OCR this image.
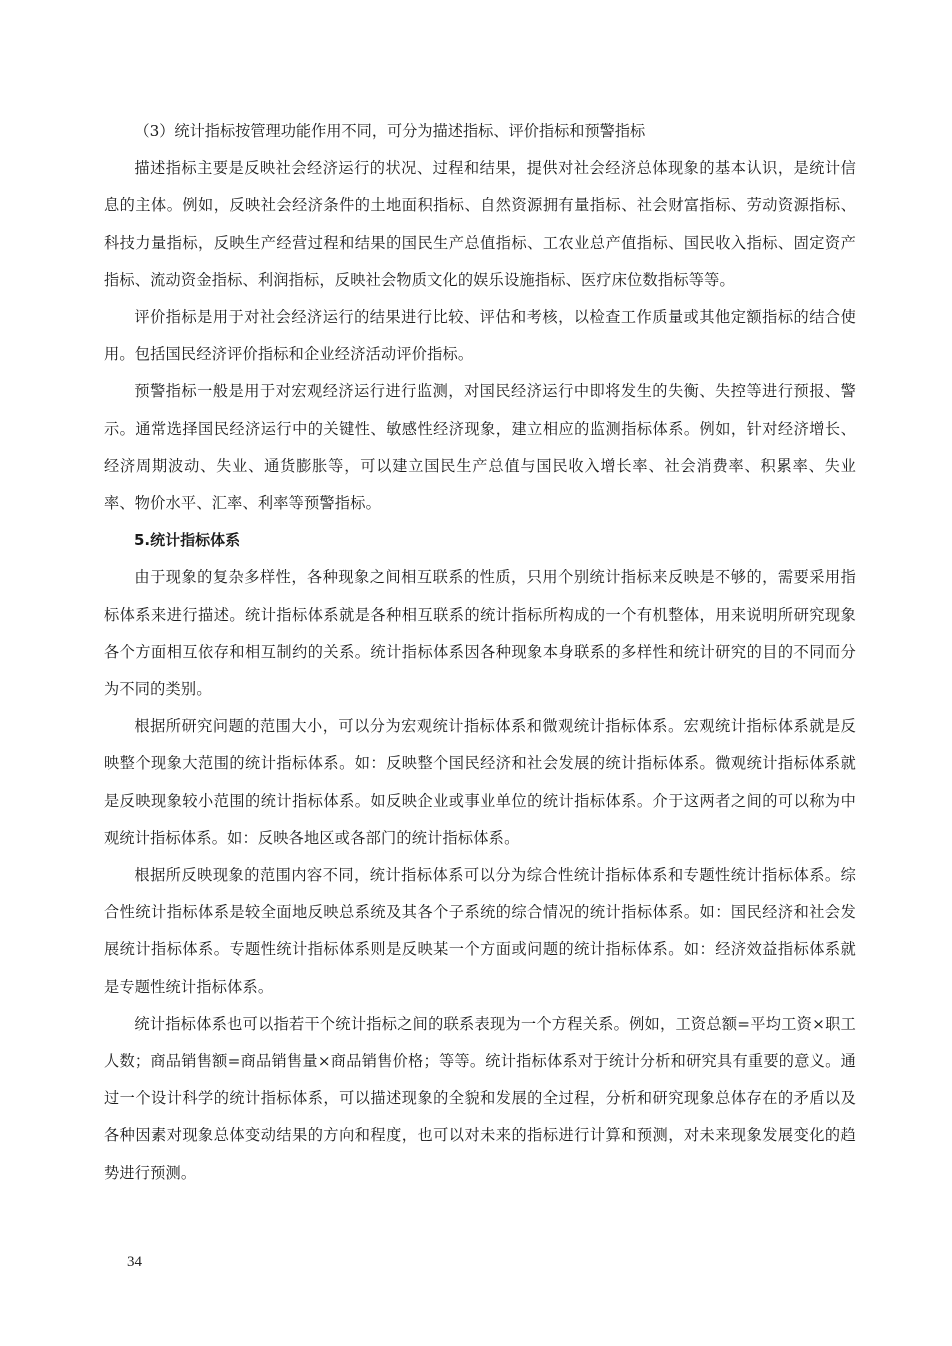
（3）统计指标按管理功能作用不同，可分为描述指标、评价指标和预警指标

描述指标主要是反映社会经济运行的状况、过程和结果，提供对社会经济总体现象的基本认识，是统计信息的主体。例如，反映社会经济条件的土地面积指标、自然资源拥有量指标、社会财富指标、劳动资源指标、科技力量指标，反映生产经营过程和结果的国民生产总值指标、工农业总产值指标、国民收入指标、固定资产指标、流动资金指标、利润指标，反映社会物质文化的娱乐设施指标、医疗床位数指标等等。

评价指标是用于对社会经济运行的结果进行比较、评估和考核，以检查工作质量或其他定额指标的结合使用。包括国民经济评价指标和企业经济活动评价指标。

预警指标一般是用于对宏观经济运行进行监测，对国民经济运行中即将发生的失衡、失控等进行预报、警示。通常选择国民经济运行中的关键性、敏感性经济现象，建立相应的监测指标体系。例如，针对经济增长、经济周期波动、失业、通货膨胀等，可以建立国民生产总值与国民收入增长率、社会消费率、积累率、失业率、物价水平、汇率、利率等预警指标。

5.统计指标体系

由于现象的复杂多样性，各种现象之间相互联系的性质，只用个别统计指标来反映是不够的，需要采用指标体系来进行描述。统计指标体系就是各种相互联系的统计指标所构成的一个有机整体，用来说明所研究现象各个方面相互依存和相互制约的关系。统计指标体系因各种现象本身联系的多样性和统计研究的目的不同而分为不同的类别。

根据所研究问题的范围大小，可以分为宏观统计指标体系和微观统计指标体系。宏观统计指标体系就是反映整个现象大范围的统计指标体系。如：反映整个国民经济和社会发展的统计指标体系。微观统计指标体系就是反映现象较小范围的统计指标体系。如反映企业或事业单位的统计指标体系。介于这两者之间的可以称为中观统计指标体系。如：反映各地区或各部门的统计指标体系。

根据所反映现象的范围内容不同，统计指标体系可以分为综合性统计指标体系和专题性统计指标体系。综合性统计指标体系是较全面地反映总系统及其各个子系统的综合情况的统计指标体系。如：国民经济和社会发展统计指标体系。专题性统计指标体系则是反映某一个方面或问题的统计指标体系。如：经济效益指标体系就是专题性统计指标体系。

统计指标体系也可以指若干个统计指标之间的联系表现为一个方程关系。例如，工资总额=平均工资×职工人数；商品销售额=商品销售量×商品销售价格；等等。统计指标体系对于统计分析和研究具有重要的意义。通过一个设计科学的统计指标体系，可以描述现象的全貌和发展的全过程，分析和研究现象总体存在的矛盾以及各种因素对现象总体变动结果的方向和程度，也可以对未来的指标进行计算和预测，对未来现象发展变化的趋势进行预测。

34
